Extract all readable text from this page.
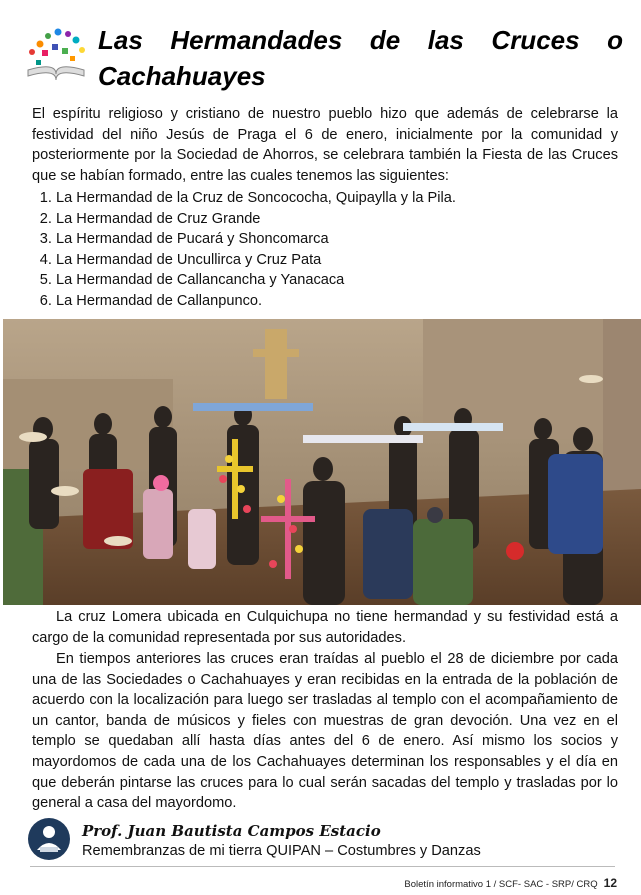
Las Hermandades de las Cruces o Cachahuayes

El espíritu religioso y cristiano de nuestro pueblo hizo que además de celebrarse la festividad del niño Jesús de Praga el 6 de enero, inicialmente por la comunidad y posteriormente por la Sociedad de Ahorros, se celebrara también la Fiesta de las Cruces que se habían formado, entre las cuales tenemos las siguientes:

1. La Hermandad de la Cruz de Soncococha, Quipaylla y la Pila.
2. La Hermandad de Cruz Grande
3. La Hermandad de Pucará y Shoncomarca
4. La Hermandad de Uncullirca y Cruz Pata
5. La Hermandad de Callancancha y Yanacaca
6. La Hermandad de Callanpunco.

La cruz Lomera ubicada en Culquichupa no tiene hermandad y su festividad está a cargo de la comunidad representada por sus autoridades.

En tiempos anteriores las cruces eran traídas al pueblo el 28 de diciembre por cada una de las Sociedades o Cachahuayes y eran recibidas en la entrada de la población de acuerdo con la localización para luego ser trasladas al templo con el acompañamiento de un cantor, banda de músicos y fieles con muestras de gran devoción. Una vez en el templo se quedaban allí hasta días antes del 6 de enero. Así mismo los socios y mayordomos de cada una de los Cachahuayes determinan los responsables y el día en que deberán pintarse las cruces para lo cual serán sacadas del templo y trasladas por lo general a casa del mayordomo.

Prof. Juan Bautista Campos Estacio
Remembranzas de mi tierra QUIPAN – Costumbres y Danzas
Boletín informativo 1 / SCF- SAC - SRP/ CRQ 12
